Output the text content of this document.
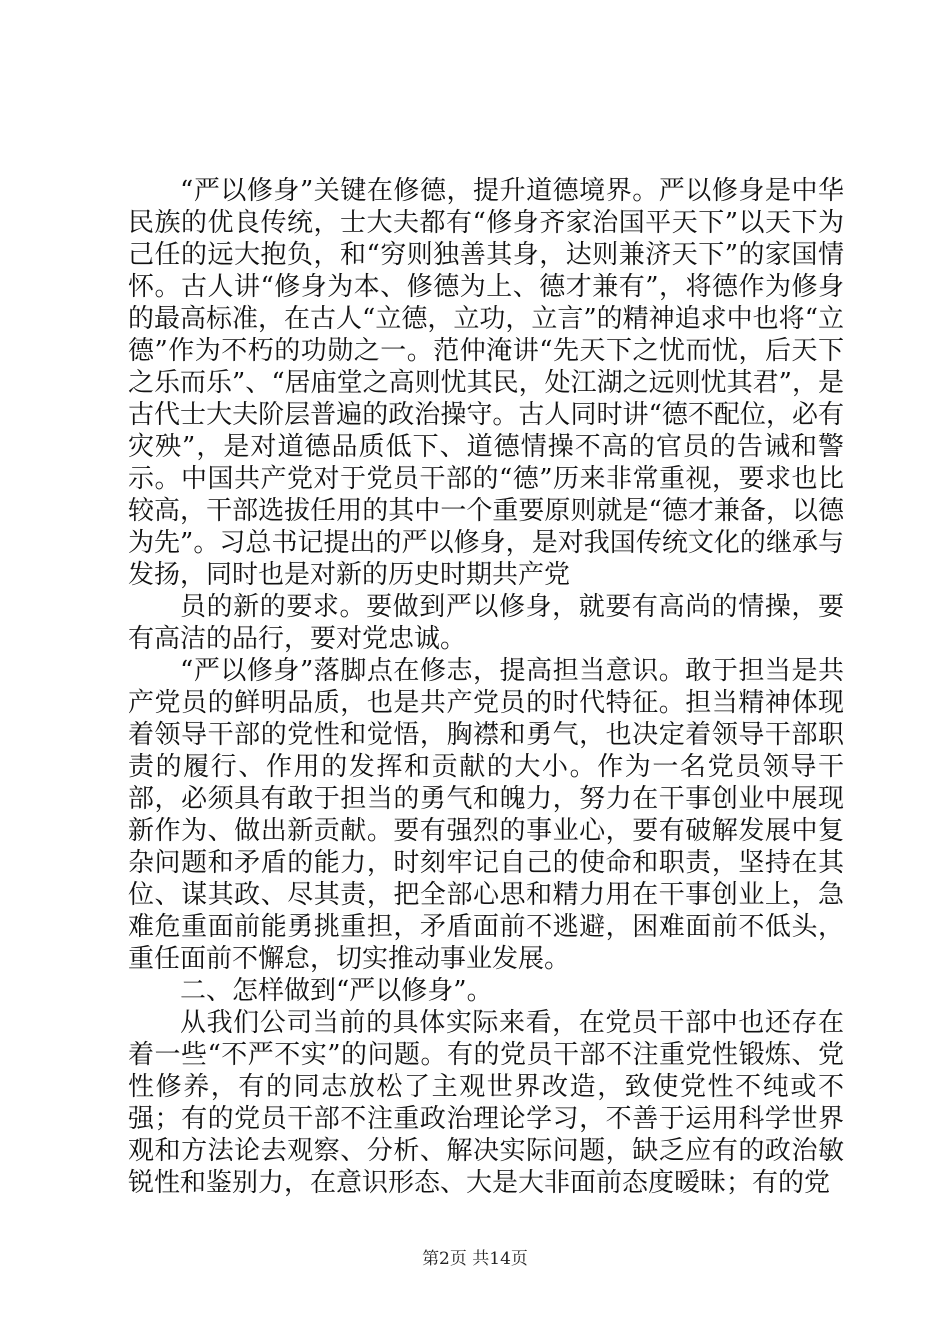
“严以修身”关键在修德，提升道德境界。严以修身是中华民族的优良传统，士大夫都有“修身齐家治国平天下”以天下为己任的远大抱负，和“穷则独善其身，达则兼济天下”的家国情怀。古人讲“修身为本、修德为上、德才兼有”，将德作为修身的最高标准，在古人“立德，立功，立言”的精神追求中也将“立德”作为不朽的功勋之一。范仲淹讲“先天下之忧而忧，后天下之乐而乐”、“居庙堂之高则忧其民，处江湖之远则忧其君”，是古代士大夫阶层普遍的政治操守。古人同时讲“德不配位，必有灾殃”，是对道德品质低下、道德情操不高的官员的告诫和警示。中国共产党对于党员干部的“德”历来非常重视，要求也比较高，干部选拔任用的其中一个重要原则就是“德才兼备，以德为先”。习总书记提出的严以修身，是对我国传统文化的继承与发扬，同时也是对新的历史时期共产党

员的新的要求。要做到严以修身，就要有高尚的情操，要有高洁的品行，要对党忠诚。

“严以修身”落脚点在修志，提高担当意识。敢于担当是共产党员的鲜明品质，也是共产党员的时代特征。担当精神体现着领导干部的党性和觉悟，胸襟和勇气，也决定着领导干部职责的履行、作用的发挥和贡献的大小。作为一名党员领导干部，必须具有敢于担当的勇气和魄力，努力在干事创业中展现新作为、做出新贡献。要有强烈的事业心，要有破解发展中复杂问题和矛盾的能力，时刻牢记自己的使命和职责，坚持在其位、谋其政、尽其责，把全部心思和精力用在干事创业上，急难危重面前能勇挑重担，矛盾面前不逃避，困难面前不低头，重任面前不懈怠，切实推动事业发展。

二、怎样做到“严以修身”。

从我们公司当前的具体实际来看，在党员干部中也还存在着一些“不严不实”的问题。有的党员干部不注重党性锻炼、党性修养，有的同志放松了主观世界改造，致使党性不纯或不强；有的党员干部不注重政治理论学习，不善于运用科学世界观和方法论去观察、分析、解决实际问题，缺乏应有的政治敏锐性和鉴别力，在意识形态、大是大非面前态度暧昧；有的党

第2页 共14页
